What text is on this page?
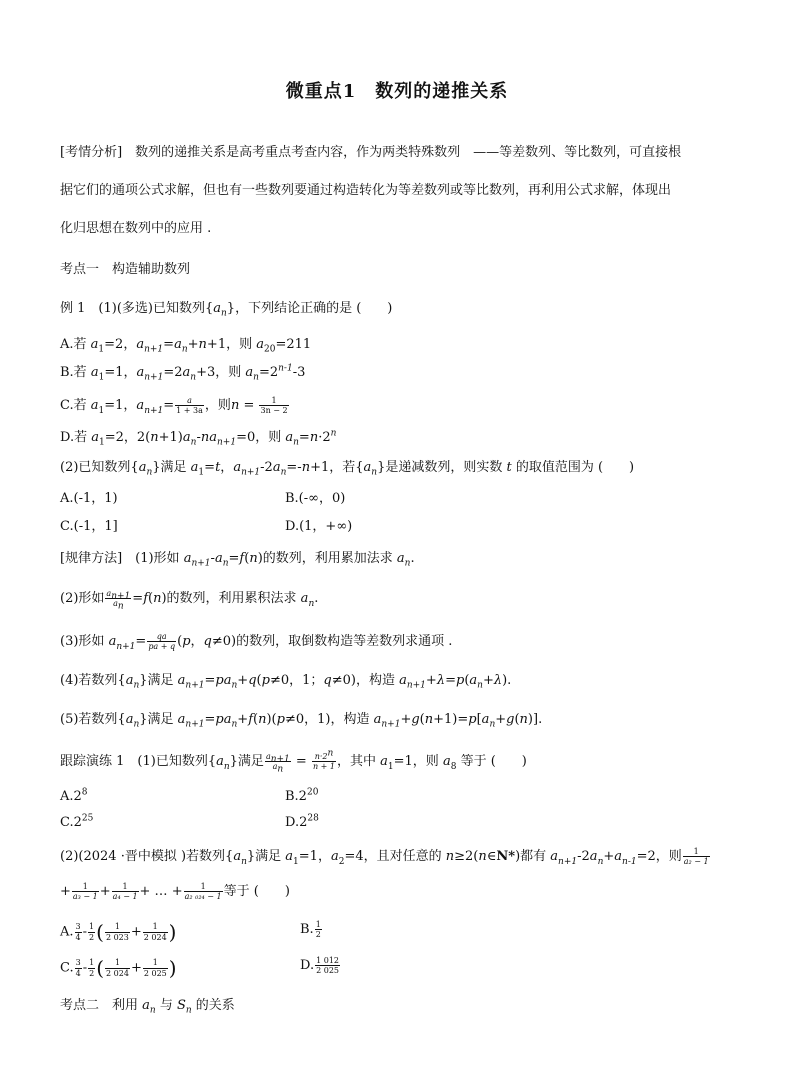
微重点1　数列的递推关系
[考情分析]　数列的递推关系是高考重点考查内容，作为两类特殊数列　——等差数列、等比数列，可直接根
据它们的通项公式求解，但也有一些数列要通过构造转化为等差数列或等比数列，再利用公式求解，体现出
化归思想在数列中的应用 .
考点一　构造辅助数列
例 1　(1)(多选)已知数列$\{a_n\}$，下列结论正确的是 (　　)
A.若 $a_1=2$，$a_{n+1}=a_n+n+1$，则 $a_{20}=211$
B.若 $a_1=1$，$a_{n+1}=2a_n+3$，则 $a_n=2^{n-1}-3$
C.若 $a_1=1$，$a_{n+1}= \frac{a}{1 + 3a}$ ，则$n = \frac{1}{3n - 2}$
D.若 $a_1=2$，$2(n+1)a_n-na_{n+1}=0$，则 $a_n=n\cdot 2^n$
(2)已知数列$\{a_n\}$满足 $a_1=t$，$a_{n+1}-2a_n=-n+1$，若$\{a_n\}$是递减数列，则实数 t 的取值范围为 (　　)
A.(-1，1)	B.(-∞，0)
C.(-1，1]	D.(1，+∞)
[规律方法]　(1)形如 $a_{n+1}-a_n=f(n)$的数列，利用累加法求 $a_n$.
(2)形如 $\frac{a_{n+1}}{a_n} =f(n)$的数列，利用累积法求 $a_n$.
(3)形如 $a_{n+1}= \frac{qa}{pa + q} (p$，q≠0)的数列，取倒数构造等差数列求通项 .
(4)若数列$\{a_n\}$满足 $a_{n+1}=pa_n+q(p\ne 0$，1；q≠0)，构造 $a_{n+1}+\lambda=p(a_n+\lambda)$.
(5)若数列$\{a_n\}$满足 $a_{n+1}=pa_n+f(n)(p\ne 0$，1)，构造 $a_{n+1}+g(n+1)=p[a_n+g(n)]$.
跟踪演练 1　(1)已知数列$\{a_n\}$满足 $\frac{a_{n+1}}{a_n} = \frac{n\cdot 2^n}{n + 1}$ ，其中 $a_1=1$，则 $a_8$ 等于 (　　)
$A.2^8$	$B.2^{20}$
$C.2^{25}$	$D.2^{28}$
(2)(2024 ·晋中模拟 )若数列$\{a_n\}$满足 $a_1=1$，$a_2=4$，且对任意的 n≥2(n∈N*)都有 $a_{n+1}-2a_n+a_{n-1}=2$，则 $\frac{1}{\text{a₂ − 1}}$
+ $\frac{1}{\text{a₃ − 1}} + \frac{1}{\text{a₄ − 1}}$ + … + $\frac{1}{\text{a₂ ₀₂₄ − 1}}$ 等于 (　　)
A. $\frac{3}{4} - \frac{1}{2}$ ( $\frac{1}{2 023} + \frac{1}{2 024}$ )	B. $\frac{1}{2}$
C. $\frac{3}{4} - \frac{1}{2}$ ( $\frac{1}{2 024} + \frac{1}{2 025}$ )	D. $\frac{1 012}{2 025}$
考点二　利用 $a_n$ 与 $S_n$ 的关系
